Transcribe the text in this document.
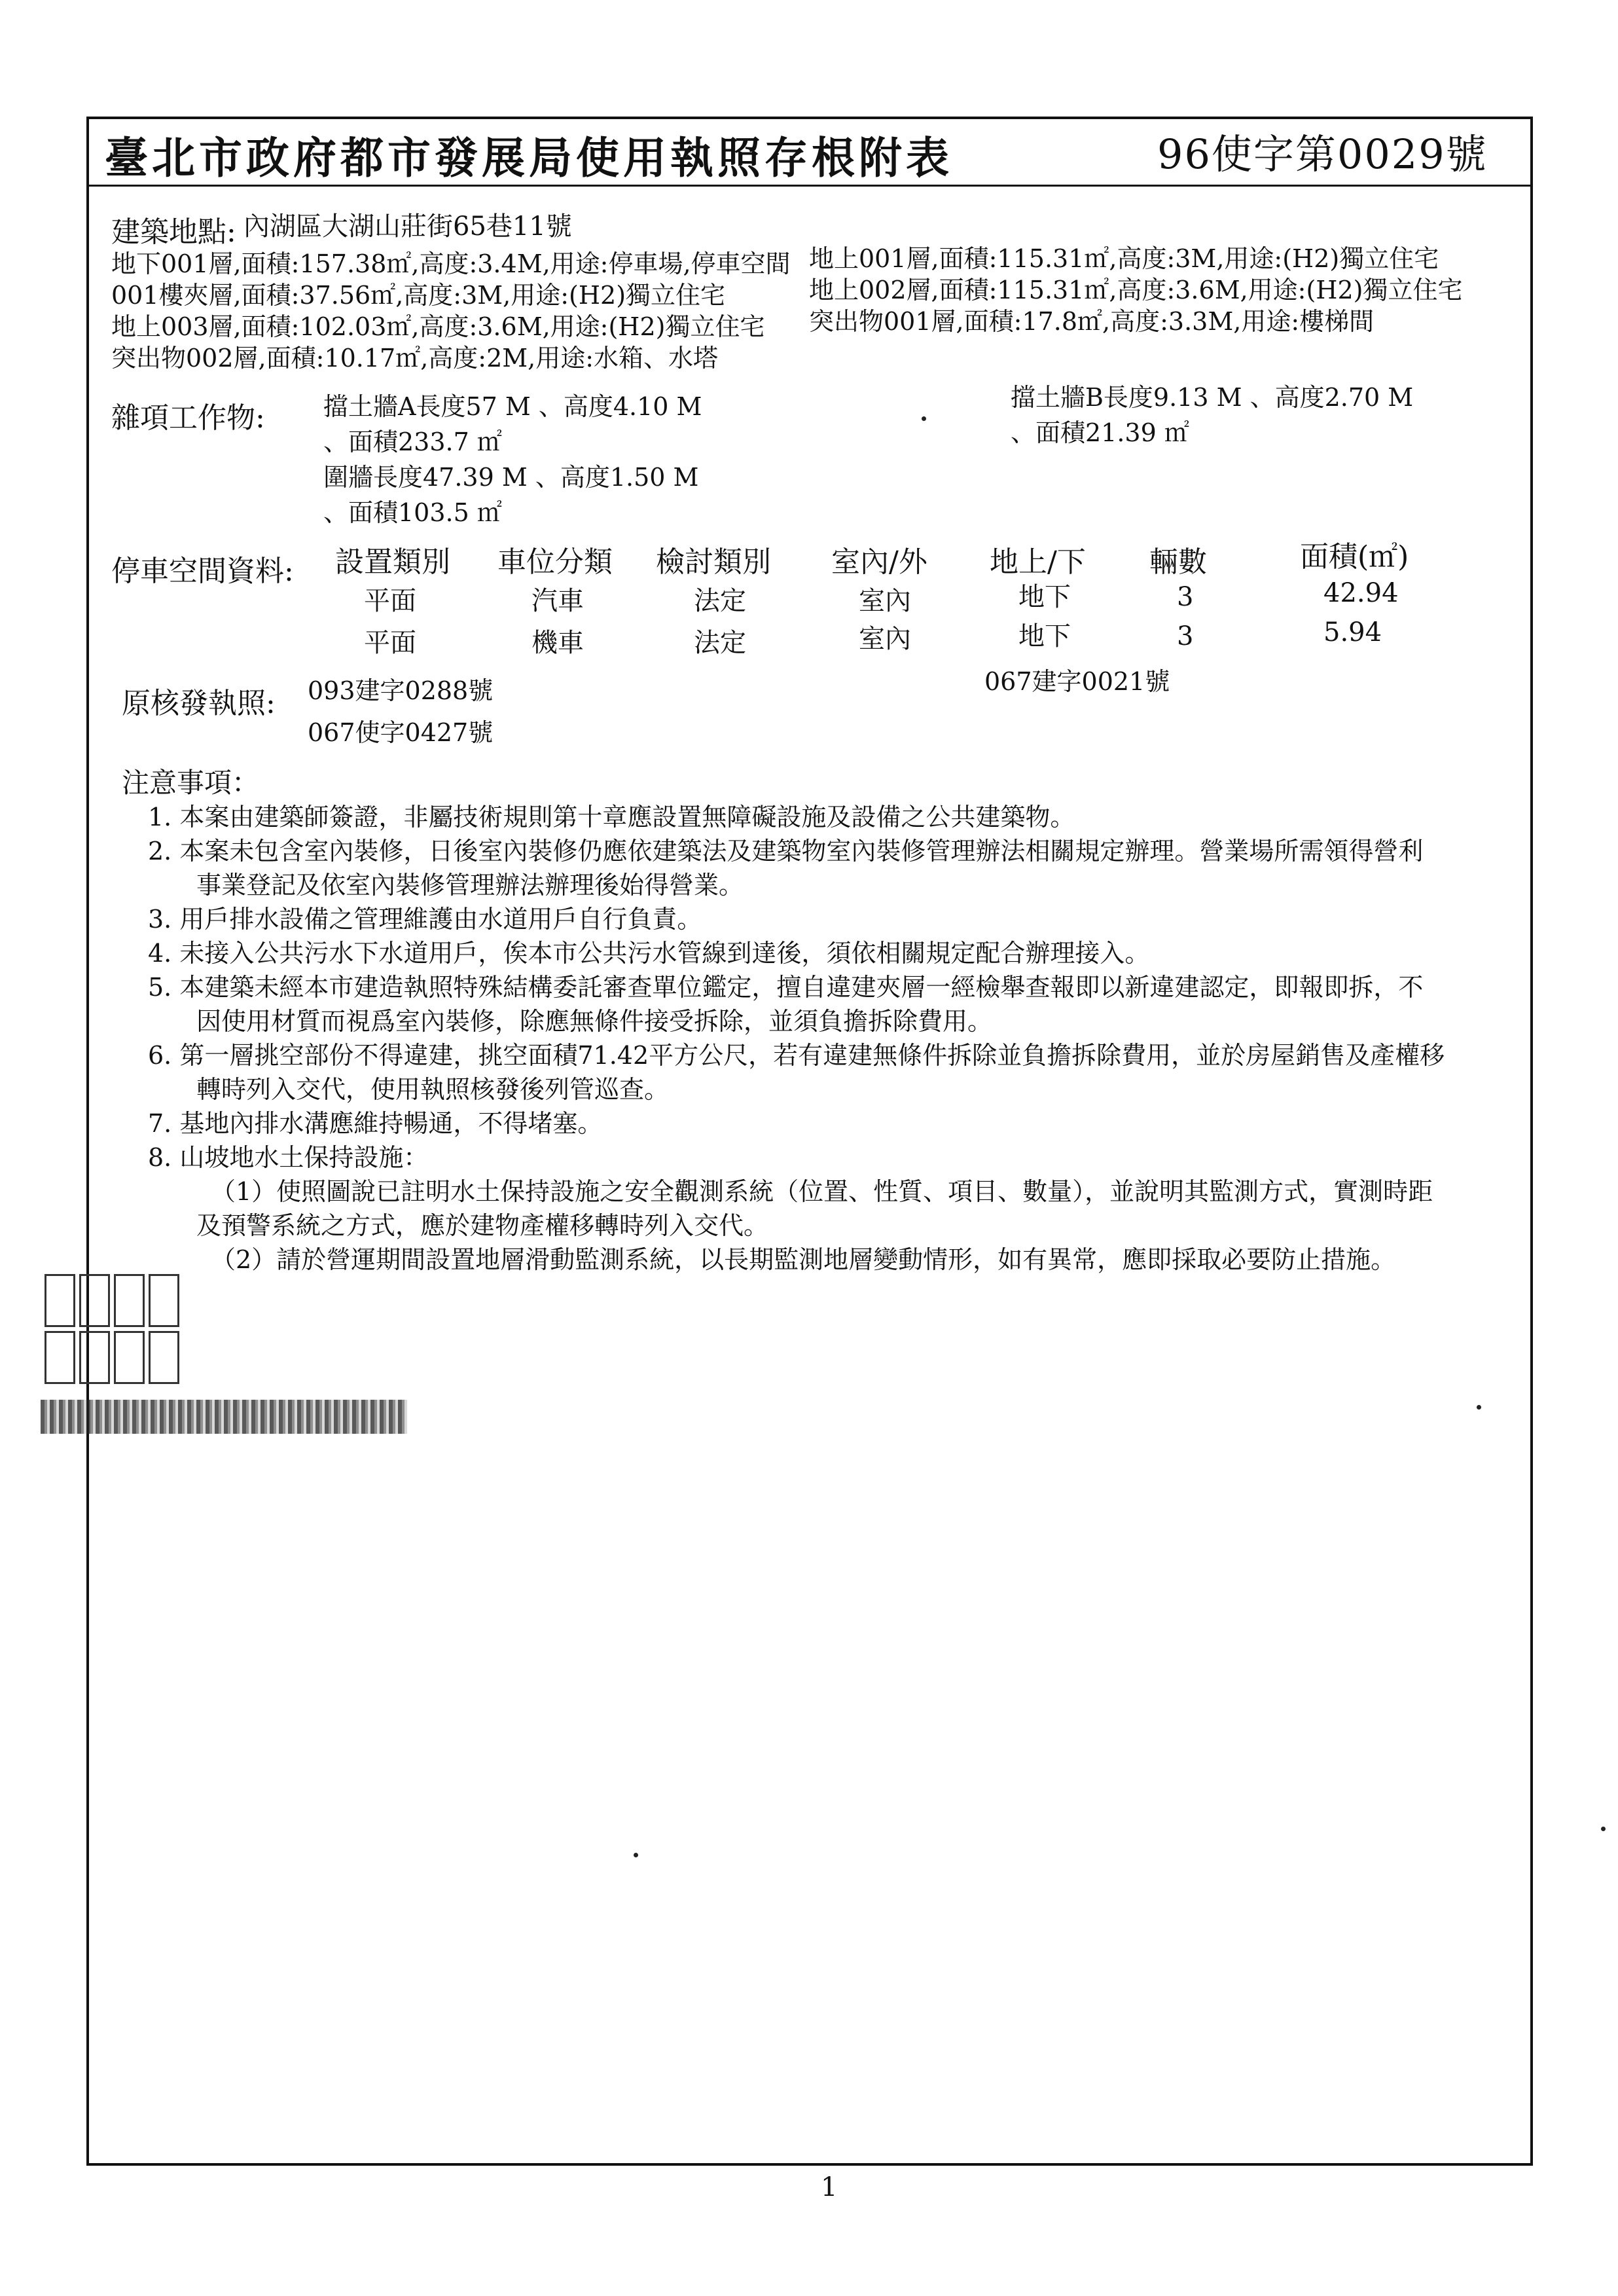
臺北市政府都市發展局使用執照存根附表	96使字第0029號
建築地點: 內湖區大湖山莊街65巷11號
地下001層,面積:157.38㎡,高度:3.4M,用途:停車場,停車空間
001樓夾層,面積:37.56㎡,高度:3M,用途:(H2)獨立住宅
地上003層,面積:102.03㎡,高度:3.6M,用途:(H2)獨立住宅
突出物002層,面積:10.17㎡,高度:2M,用途:水箱、水塔
地上001層,面積:115.31㎡,高度:3M,用途:(H2)獨立住宅
地上002層,面積:115.31㎡,高度:3.6M,用途:(H2)獨立住宅
突出物001層,面積:17.8㎡,高度:3.3M,用途:樓梯間
雜項工作物: 擋土牆A長度57 M 、高度4.10 M
、面積233.7 ㎡
圍牆長度47.39 M 、高度1.50 M
、面積103.5 ㎡
擋土牆B長度9.13 M 、高度2.70 M
、面積21.39 ㎡
停車空間資料: 設置類別 車位分類 檢討類別 室內/外 地上/下 輛數	面積(㎡)
平面	汽車	法定	室內	地下	3	42.94
平面	機車	法定	室內	地下	3	5.94
原核發執照: 093建字0288號
067使字0427號
067建字0021號
注意事項：
1. 本案由建築師簽證，非屬技術規則第十章應設置無障礙設施及設備之公共建築物。
2. 本案未包含室內裝修，日後室內裝修仍應依建築法及建築物室內裝修管理辦法相關規定辦理。營業場所需領得營利
事業登記及依室內裝修管理辦法辦理後始得營業。
3. 用戶排水設備之管理維護由水道用戶自行負責。
4. 未接入公共污水下水道用戶，俟本市公共污水管線到達後，須依相關規定配合辦理接入。
5. 本建築未經本市建造執照特殊結構委託審查單位鑑定，擅自違建夾層一經檢舉查報即以新違建認定，即報即拆，不
因使用材質而視爲室內裝修，除應無條件接受拆除，並須負擔拆除費用。
6. 第一層挑空部份不得違建，挑空面積71.42平方公尺，若有違建無條件拆除並負擔拆除費用，並於房屋銷售及產權移
轉時列入交代，使用執照核發後列管巡查。
7. 基地內排水溝應維持暢通，不得堵塞。
8. 山坡地水土保持設施：
（1）使照圖說已註明水土保持設施之安全觀測系統（位置、性質、項目、數量），並說明其監測方式，實測時距
及預警系統之方式，應於建物產權移轉時列入交代。
（2）請於營運期間設置地層滑動監測系統，以長期監測地層變動情形，如有異常，應即採取必要防止措施。
1
